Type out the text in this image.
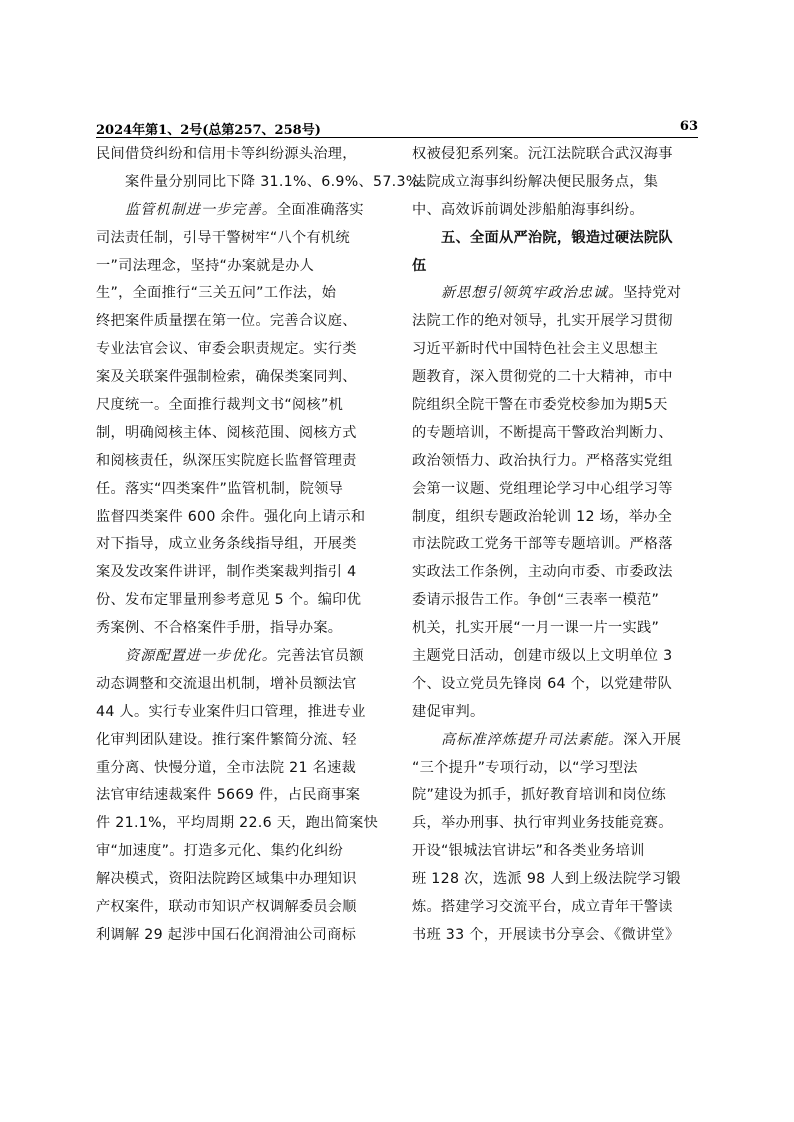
2024年第1、2号(总第257、258号)	63
民间借贷纠纷和信用卡等纠纷源头治理，
案件量分别同比下降 31.1%、6.9%、57.3%。
监管机制进一步完善。全面准确落实
司法责任制，引导干警树牢“八个有机统
一”司法理念，坚持“办案就是办人
生”，全面推行“三关五问”工作法，始
终把案件质量摆在第一位。完善合议庭、
专业法官会议、审委会职责规定。实行类
案及关联案件强制检索，确保类案同判、
尺度统一。全面推行裁判文书“阅核”机
制，明确阅核主体、阅核范围、阅核方式
和阅核责任，纵深压实院庭长监督管理责
任。落实“四类案件”监管机制，院领导
监督四类案件 600 余件。强化向上请示和
对下指导，成立业务条线指导组，开展类
案及发改案件讲评，制作类案裁判指引 4
份、发布定罪量刑参考意见 5 个。编印优
秀案例、不合格案件手册，指导办案。
资源配置进一步优化。完善法官员额
动态调整和交流退出机制，增补员额法官
44 人。实行专业案件归口管理，推进专业
化审判团队建设。推行案件繁简分流、轻
重分离、快慢分道，全市法院 21 名速裁
法官审结速裁案件 5669 件，占民商事案
件 21.1%，平均周期 22.6 天，跑出简案快
审“加速度”。打造多元化、集约化纠纷
解决模式，资阳法院跨区域集中办理知识
产权案件，联动市知识产权调解委员会顺
利调解 29 起涉中国石化润滑油公司商标
权被侵犯系列案。沅江法院联合武汉海事
法院成立海事纠纷解决便民服务点，集
中、高效诉前调处涉船舶海事纠纷。
五、全面从严治院，锻造过硬法院队
伍
新思想引领筑牢政治忠诚。坚持党对
法院工作的绝对领导，扎实开展学习贯彻
习近平新时代中国特色社会主义思想主
题教育，深入贯彻党的二十大精神，市中
院组织全院干警在市委党校参加为期5天
的专题培训，不断提高干警政治判断力、
政治领悟力、政治执行力。严格落实党组
会第一议题、党组理论学习中心组学习等
制度，组织专题政治轮训 12 场，举办全
市法院政工党务干部等专题培训。严格落
实政法工作条例，主动向市委、市委政法
委请示报告工作。争创“三表率一模范”
机关，扎实开展“一月一课一片一实践”
主题党日活动，创建市级以上文明单位 3
个、设立党员先锋岗 64 个，以党建带队
建促审判。
高标准淬炼提升司法素能。深入开展
“三个提升”专项行动，以“学习型法
院”建设为抓手，抓好教育培训和岗位练
兵，举办刑事、执行审判业务技能竞赛。
开设“银城法官讲坛”和各类业务培训
班 128 次，选派 98 人到上级法院学习锻
炼。搭建学习交流平台，成立青年干警读
书班 33 个，开展读书分享会、《微讲堂》
